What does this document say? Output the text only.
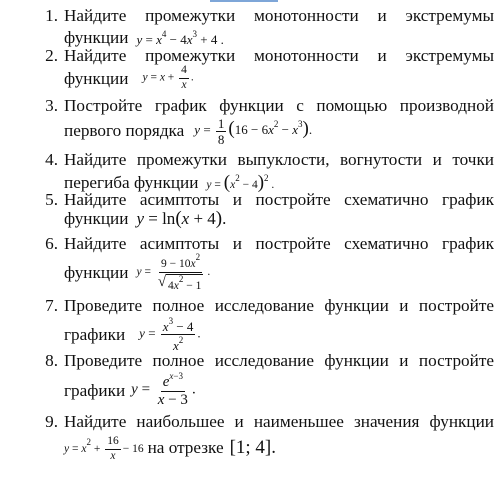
1. Найдите промежутки монотонности и экстремумы
функции $y = x^4 - 4x^3 + 4$ .
2. Найдите промежутки монотонности и экстремумы
функции $y = x + \frac{4}{x}$ .
3. Постройте график функции с помощью производной
первого порядка $y = \frac{1}{8} (16 - 6x^2 - x^3)$.
4. Найдите промежутки выпуклости, вогнутости и точки
перегиба функции $y = (x^2 - 4)^2$ .
5. Найдите асимптоты и постройте схематично график
функции y = ln(x + 4).
6. Найдите асимптоты и постройте схематично график
функции $y = \frac{9 - 10x^2}{√ 4x^2 - 1}$ .
7. Проведите полное исследование функции и постройте
графики $y = \frac{x^3 - 4}{x^2}$ .
8. Проведите полное исследование функции и постройте
графики $y = \frac{e^{x-3}}{x - 3}$ .
9. Найдите наибольшее и наименьшее значения функции
$y = x^2 + \frac{16}{x} - 16$ на отрезке [1; 4].
